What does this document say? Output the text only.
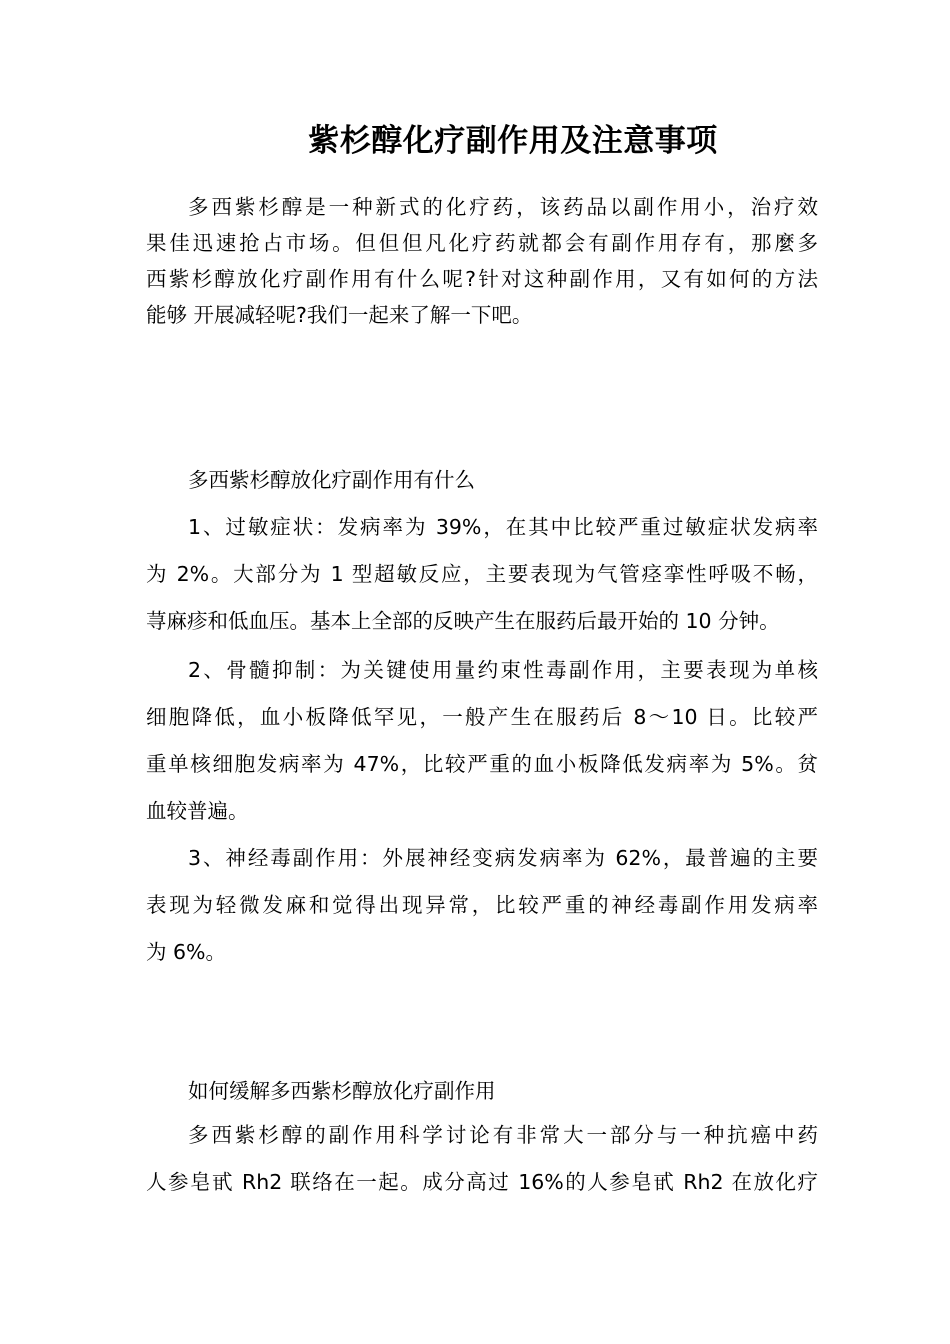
紫杉醇化疗副作用及注意事项
多西紫杉醇是一种新式的化疗药，该药品以副作用小，治疗效
果佳迅速抢占市场。但但但凡化疗药就都会有副作用存有，那麼多
西紫杉醇放化疗副作用有什么呢?针对这种副作用，又有如何的方法
能够 开展减轻呢?我们一起来了解一下吧。
多西紫杉醇放化疗副作用有什么
1、过敏症状：发病率为 39%，在其中比较严重过敏症状发病率
为 2%。大部分为 1 型超敏反应，主要表现为气管痉挛性呼吸不畅，
荨麻疹和低血压。基本上全部的反映产生在服药后最开始的 10 分钟。
2、骨髓抑制：为关键使用量约束性毒副作用，主要表现为单核
细胞降低，血小板降低罕见，一般产生在服药后 8～10 日。比较严
重单核细胞发病率为 47%，比较严重的血小板降低发病率为 5%。贫
血较普遍。
3、神经毒副作用：外展神经变病发病率为 62%，最普遍的主要
表现为轻微发麻和觉得出现异常，比较严重的神经毒副作用发病率
为 6%。
如何缓解多西紫杉醇放化疗副作用
多西紫杉醇的副作用科学讨论有非常大一部分与一种抗癌中药
人参皂甙 Rh2 联络在一起。成分高过 16%的人参皂甙 Rh2 在放化疗
